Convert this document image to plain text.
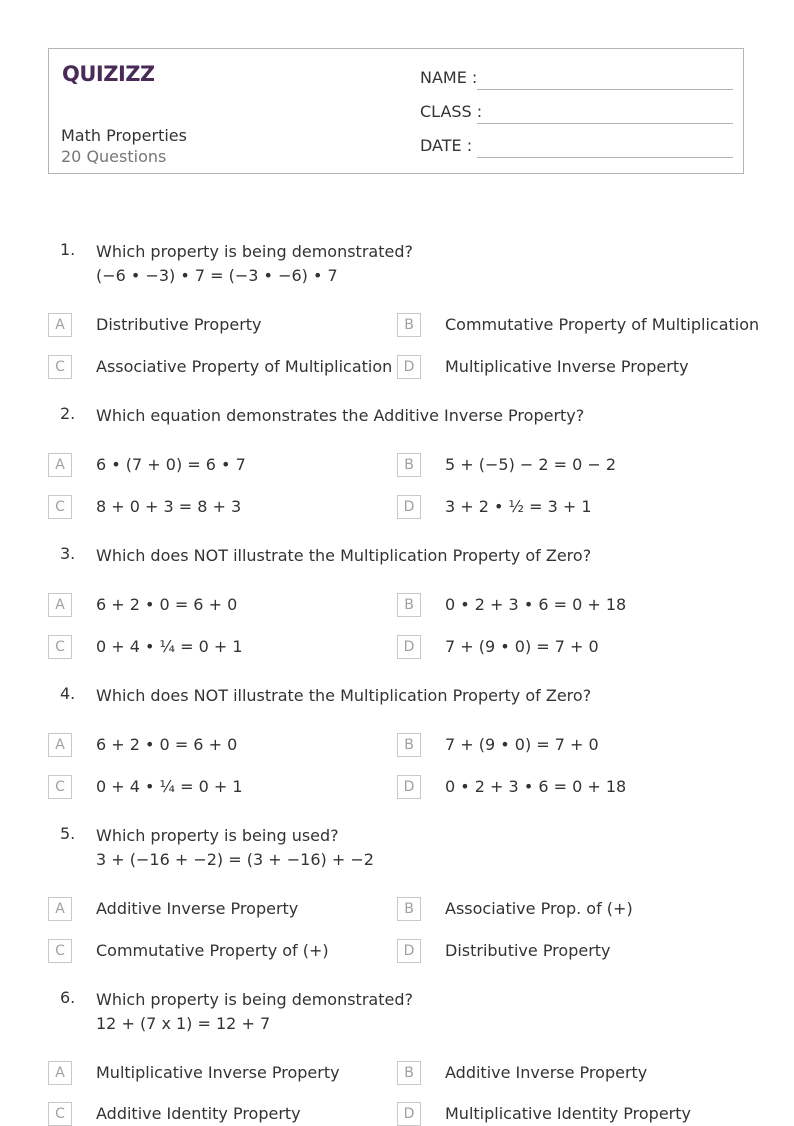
QUIZIZZ
Math Properties
20 Questions
NAME :
CLASS :
DATE :
1. Which property is being demonstrated?
(−6 • −3) • 7 = (−3 • −6) • 7
A	Distributive Property	B	Commutative Property of Multiplication
C	Associative Property of Multiplication D	Multiplicative Inverse Property
2. Which equation demonstrates the Additive Inverse Property?
A	6 • (7 + 0) = 6 • 7	B	5 + (−5) − 2 = 0 − 2
C	8 + 0 + 3 = 8 + 3	D	3 + 2 • ½ = 3 + 1
3. Which does NOT illustrate the Multiplication Property of Zero?
A	6 + 2 • 0 = 6 + 0	B	0 • 2 + 3 • 6 = 0 + 18
C	0 + 4 • ¼ = 0 + 1	D	7 + (9 • 0) = 7 + 0
4. Which does NOT illustrate the Multiplication Property of Zero?
A	6 + 2 • 0 = 6 + 0	B	7 + (9 • 0) = 7 + 0
C	0 + 4 • ¼ = 0 + 1	D	0 • 2 + 3 • 6 = 0 + 18
5. Which property is being used?
3 + (−16 + −2) = (3 + −16) + −2
A	Additive Inverse Property	B	Associative Prop. of (+)
C	Commutative Property of (+)	D	Distributive Property
6. Which property is being demonstrated?
12 + (7 x 1) = 12 + 7
A	Multiplicative Inverse Property	B	Additive Inverse Property
C	Additive Identity Property	D	Multiplicative Identity Property
